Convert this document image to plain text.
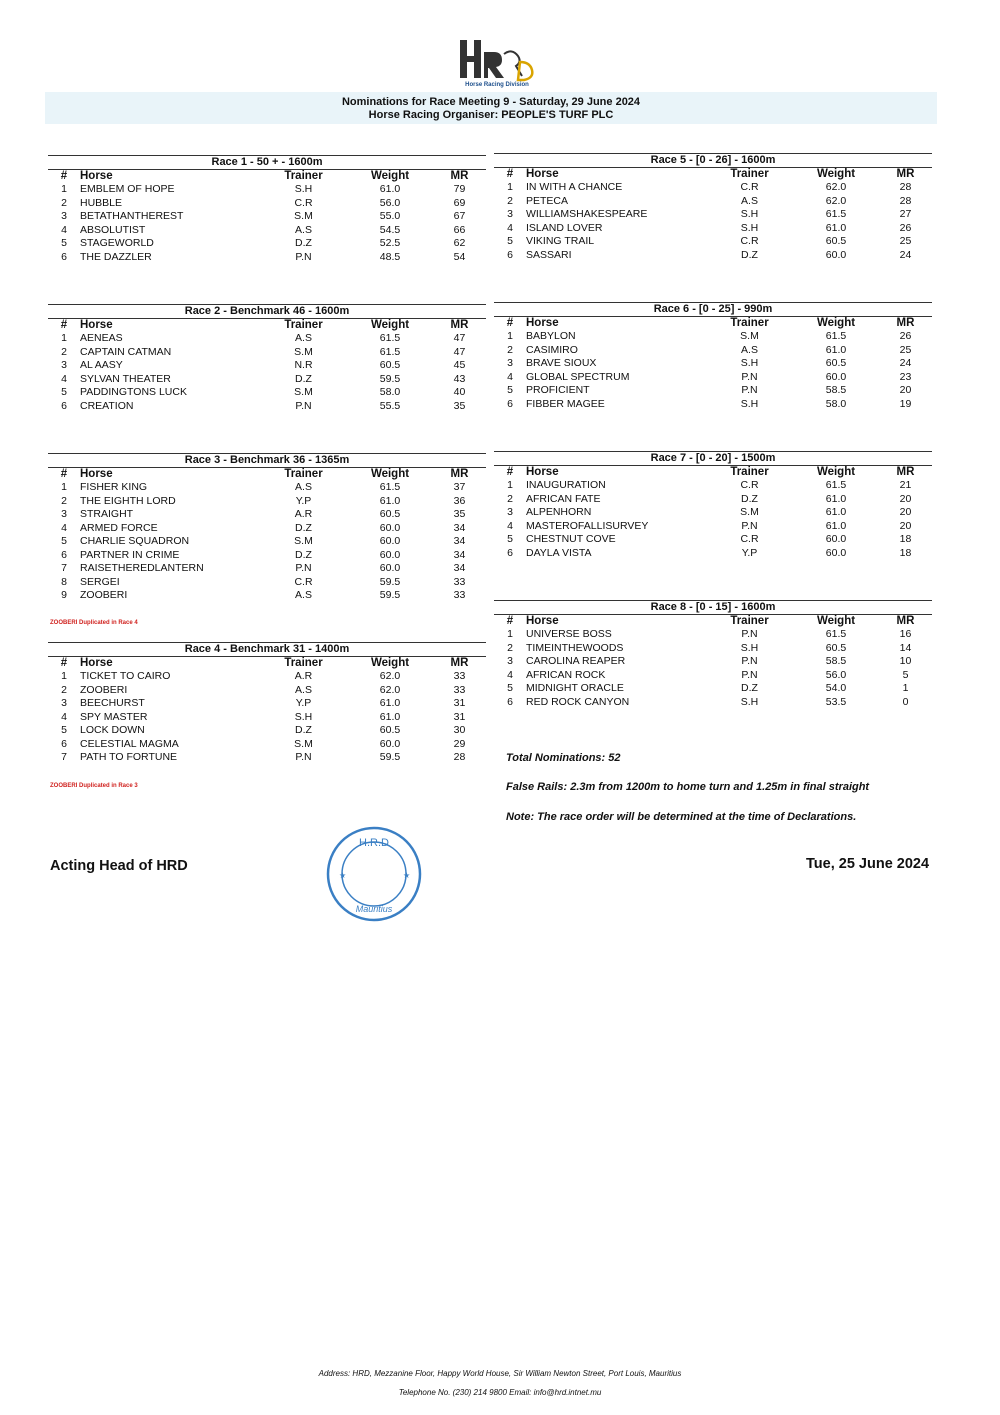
Horse Racing Division
Nominations for Race Meeting 9 - Saturday, 29 June 2024
Horse Racing Organiser: PEOPLE'S TURF PLC
Race 1 - 50 + - 1600m
#	Horse	Trainer	Weight	MR
1	EMBLEM OF HOPE	S.H	61.0	79
2	HUBBLE	C.R	56.0	69
3	BETATHANTHEREST	S.M	55.0	67
4	ABSOLUTIST	A.S	54.5	66
5	STAGEWORLD	D.Z	52.5	62
6	THE DAZZLER	P.N	48.5	54
Race 2 - Benchmark 46 - 1600m
#	Horse	Trainer	Weight	MR
1	AENEAS	A.S	61.5	47
2	CAPTAIN CATMAN	S.M	61.5	47
3	AL AASY	N.R	60.5	45
4	SYLVAN THEATER	D.Z	59.5	43
5	PADDINGTONS LUCK	S.M	58.0	40
6	CREATION	P.N	55.5	35
Race 3 - Benchmark 36 - 1365m
#	Horse	Trainer	Weight	MR
1	FISHER KING	A.S	61.5	37
2	THE EIGHTH LORD	Y.P	61.0	36
3	STRAIGHT	A.R	60.5	35
4	ARMED FORCE	D.Z	60.0	34
5	CHARLIE SQUADRON	S.M	60.0	34
6	PARTNER IN CRIME	D.Z	60.0	34
7	RAISETHEREDLANTERN	P.N	60.0	34
8	SERGEI	C.R	59.5	33
9	ZOOBERI	A.S	59.5	33
ZOOBERI Duplicated in Race 4
Race 4 - Benchmark 31 - 1400m
#	Horse	Trainer	Weight	MR
1	TICKET TO CAIRO	A.R	62.0	33
2	ZOOBERI	A.S	62.0	33
3	BEECHURST	Y.P	61.0	31
4	SPY MASTER	S.H	61.0	31
5	LOCK DOWN	D.Z	60.5	30
6	CELESTIAL MAGMA	S.M	60.0	29
7	PATH TO FORTUNE	P.N	59.5	28
ZOOBERI Duplicated in Race 3
Race 5 - [0 - 26] - 1600m
#	Horse	Trainer	Weight	MR
1	IN WITH A CHANCE	C.R	62.0	28
2	PETECA	A.S	62.0	28
3	WILLIAMSHAKESPEARE	S.H	61.5	27
4	ISLAND LOVER	S.H	61.0	26
5	VIKING TRAIL	C.R	60.5	25
6	SASSARI	D.Z	60.0	24
Race 6 - [0 - 25] - 990m
#	Horse	Trainer	Weight	MR
1	BABYLON	S.M	61.5	26
2	CASIMIRO	A.S	61.0	25
3	BRAVE SIOUX	S.H	60.5	24
4	GLOBAL SPECTRUM	P.N	60.0	23
5	PROFICIENT	P.N	58.5	20
6	FIBBER MAGEE	S.H	58.0	19
Race 7 - [0 - 20] - 1500m
#	Horse	Trainer	Weight	MR
1	INAUGURATION	C.R	61.5	21
2	AFRICAN FATE	D.Z	61.0	20
3	ALPENHORN	S.M	61.0	20
4	MASTEROFALLISURVEY	P.N	61.0	20
5	CHESTNUT COVE	C.R	60.0	18
6	DAYLA VISTA	Y.P	60.0	18
Race 8 - [0 - 15] - 1600m
#	Horse	Trainer	Weight	MR
1	UNIVERSE BOSS	P.N	61.5	16
2	TIMEINTHEWOODS	S.H	60.5	14
3	CAROLINA REAPER	P.N	58.5	10
4	AFRICAN ROCK	P.N	56.0	5
5	MIDNIGHT ORACLE	D.Z	54.0	1
6	RED ROCK CANYON	S.H	53.5	0
Total Nominations: 52
False Rails: 2.3m from 1200m to home turn and 1.25m in final straight
Note: The race order will be determined at the time of Declarations.
Acting Head of HRD
H.R.D
Mauritius
★	★
Tue, 25 June 2024
Address: HRD, Mezzanine Floor, Happy World House, Sir William Newton Street, Port Louis, Mauritius
Telephone No. (230) 214 9800 Email: info@hrd.intnet.mu
